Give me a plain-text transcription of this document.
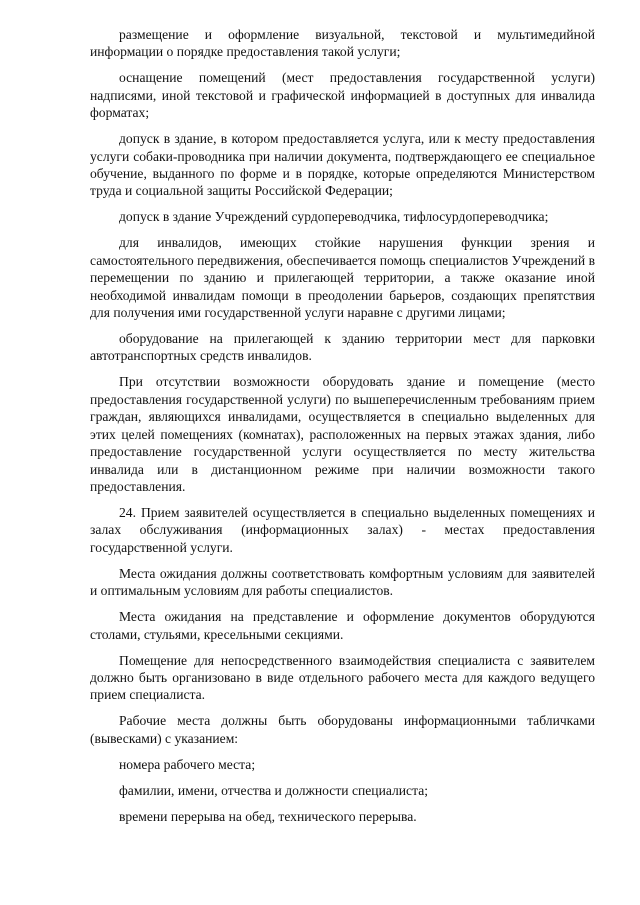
размещение и оформление визуальной, текстовой и мультимедийной информации о порядке предоставления такой услуги;

оснащение помещений (мест предоставления государственной услуги) надписями, иной текстовой и графической информацией в доступных для инвалида форматах;

допуск в здание, в котором предоставляется услуга, или к месту предоставления услуги собаки-проводника при наличии документа, подтверждающего ее специальное обучение, выданного по форме и в порядке, которые определяются Министерством труда и социальной защиты Российской Федерации;

допуск в здание Учреждений сурдопереводчика, тифлосурдопереводчика;

для инвалидов, имеющих стойкие нарушения функции зрения и самостоятельного передвижения, обеспечивается помощь специалистов Учреждений в перемещении по зданию и прилегающей территории, а также оказание иной необходимой инвалидам помощи в преодолении барьеров, создающих препятствия для получения ими государственной услуги наравне с другими лицами;

оборудование на прилегающей к зданию территории мест для парковки автотранспортных средств инвалидов.

При отсутствии возможности оборудовать здание и помещение (место предоставления государственной услуги) по вышеперечисленным требованиям прием граждан, являющихся инвалидами, осуществляется в специально выделенных для этих целей помещениях (комнатах), расположенных на первых этажах здания, либо предоставление государственной услуги осуществляется по месту жительства инвалида или в дистанционном режиме при наличии возможности такого предоставления.

24. Прием заявителей осуществляется в специально выделенных помещениях и залах обслуживания (информационных залах) - местах предоставления государственной услуги.

Места ожидания должны соответствовать комфортным условиям для заявителей и оптимальным условиям для работы специалистов.

Места ожидания на представление и оформление документов оборудуются столами, стульями, кресельными секциями.

Помещение для непосредственного взаимодействия специалиста с заявителем должно быть организовано в виде отдельного рабочего места для каждого ведущего прием специалиста.

Рабочие места должны быть оборудованы информационными табличками (вывесками) с указанием:

номера рабочего места;

фамилии, имени, отчества и должности специалиста;

времени перерыва на обед, технического перерыва.
